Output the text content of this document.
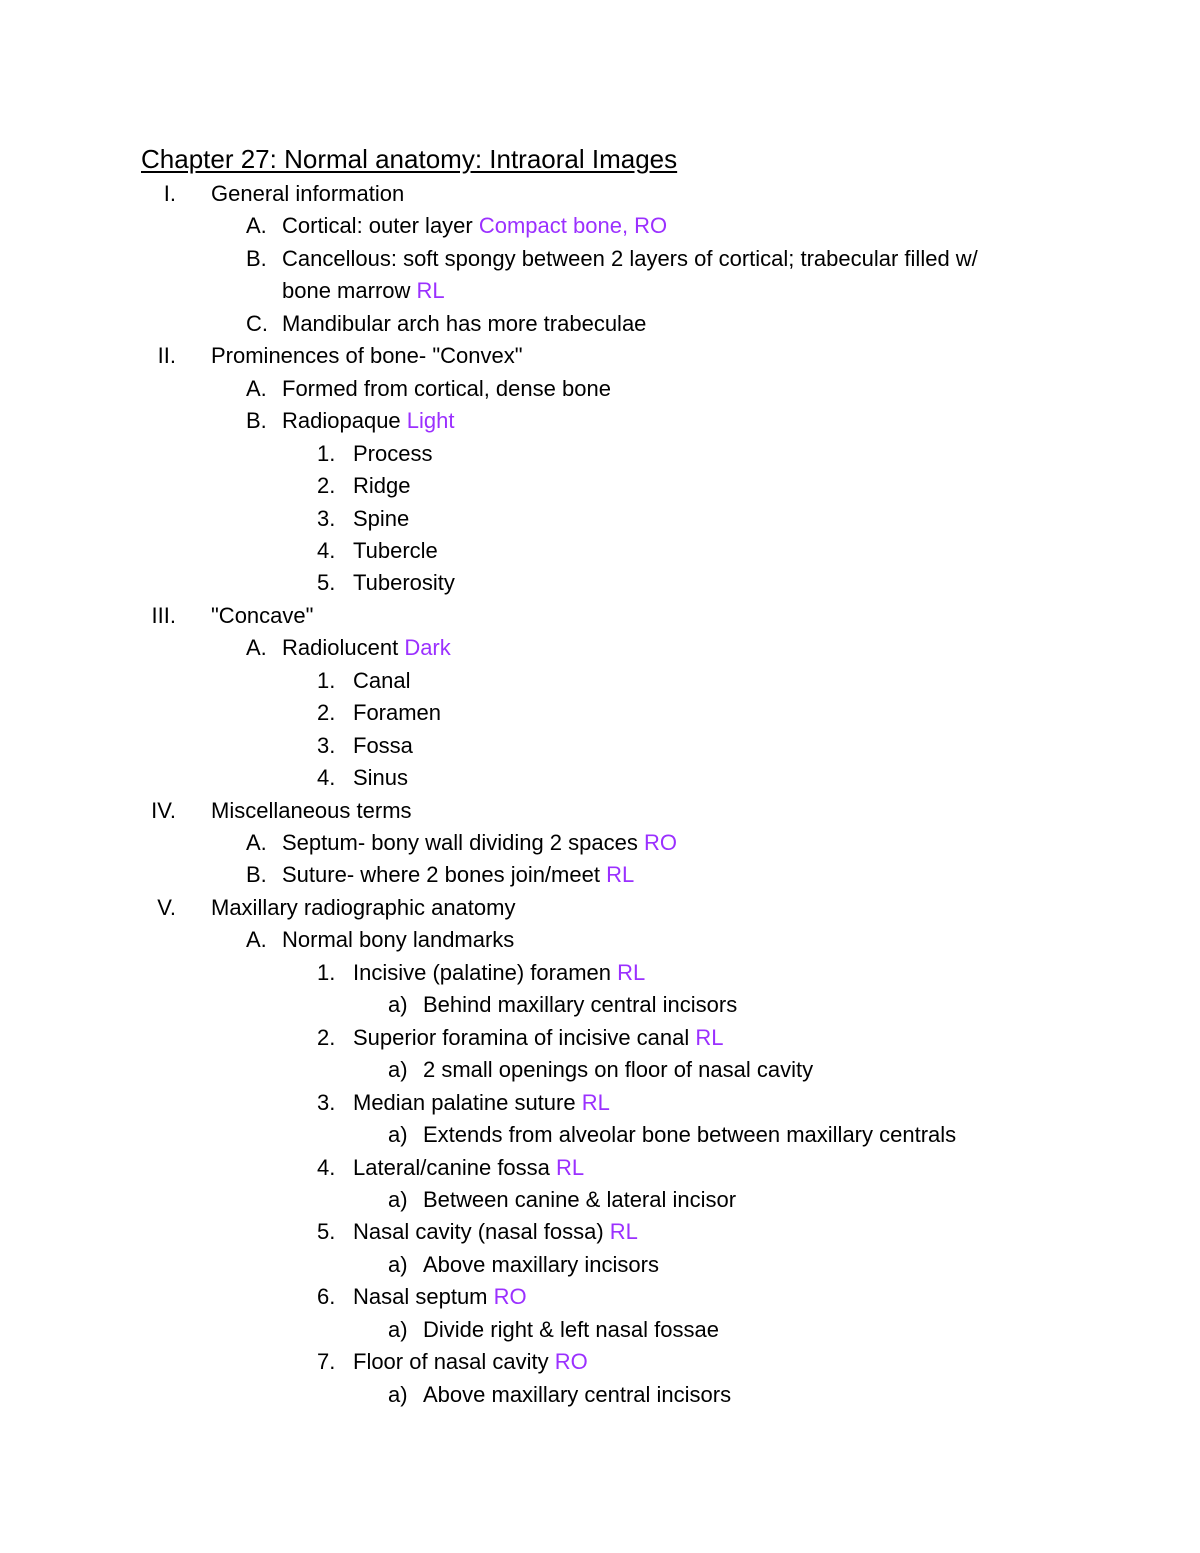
Chapter 27: Normal anatomy: Intraoral Images
I. General information
A. Cortical: outer layer Compact bone, RO
B. Cancellous: soft spongy between 2 layers of cortical; trabecular filled w/
bone marrow RL
C. Mandibular arch has more trabeculae
II. Prominences of bone- "Convex"
A. Formed from cortical, dense bone
B. Radiopaque Light
1. Process
2. Ridge
3. Spine
4. Tubercle
5. Tuberosity
III. "Concave"
A. Radiolucent Dark
1. Canal
2. Foramen
3. Fossa
4. Sinus
IV. Miscellaneous terms
A. Septum- bony wall dividing 2 spaces RO
B. Suture- where 2 bones join/meet RL
V. Maxillary radiographic anatomy
A. Normal bony landmarks
1. Incisive (palatine) foramen RL
a) Behind maxillary central incisors
2. Superior foramina of incisive canal RL
a) 2 small openings on floor of nasal cavity
3. Median palatine suture RL
a) Extends from alveolar bone between maxillary centrals
4. Lateral/canine fossa RL
a) Between canine & lateral incisor
5. Nasal cavity (nasal fossa) RL
a) Above maxillary incisors
6. Nasal septum RO
a) Divide right & left nasal fossae
7. Floor of nasal cavity RO
a) Above maxillary central incisors
